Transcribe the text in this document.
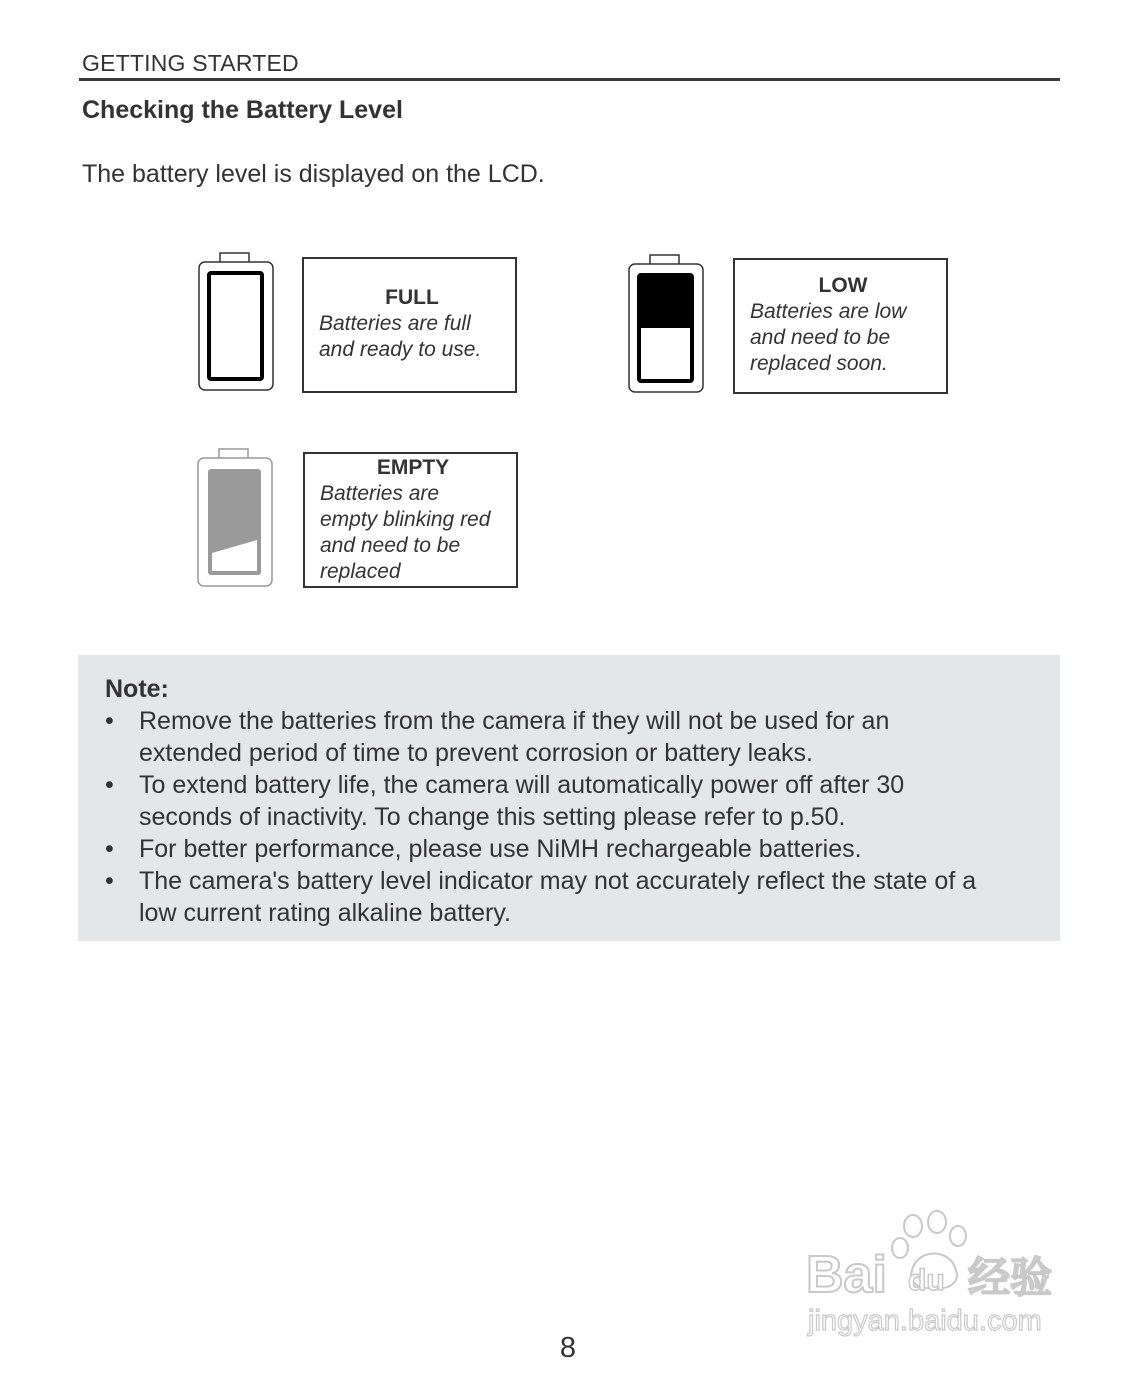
GETTING STARTED
Checking the Battery Level
The battery level is displayed on the LCD.
FULL
Batteries are full
and ready to use.
LOW
Batteries are low
and need to be
replaced soon.
EMPTY
Batteries are
empty blinking red
and need to be
replaced
Note:
• Remove the batteries from the camera if they will not be used for an
extended period of time to prevent corrosion or battery leaks.
• To extend battery life, the camera will automatically power off after 30
seconds of inactivity. To change this setting please refer to p.50.
• For better performance, please use NiMH rechargeable batteries.
• The camera's battery level indicator may not accurately reflect the state of a
low current rating alkaline battery.
Bai du 经验
jingyan.baidu.com
8
